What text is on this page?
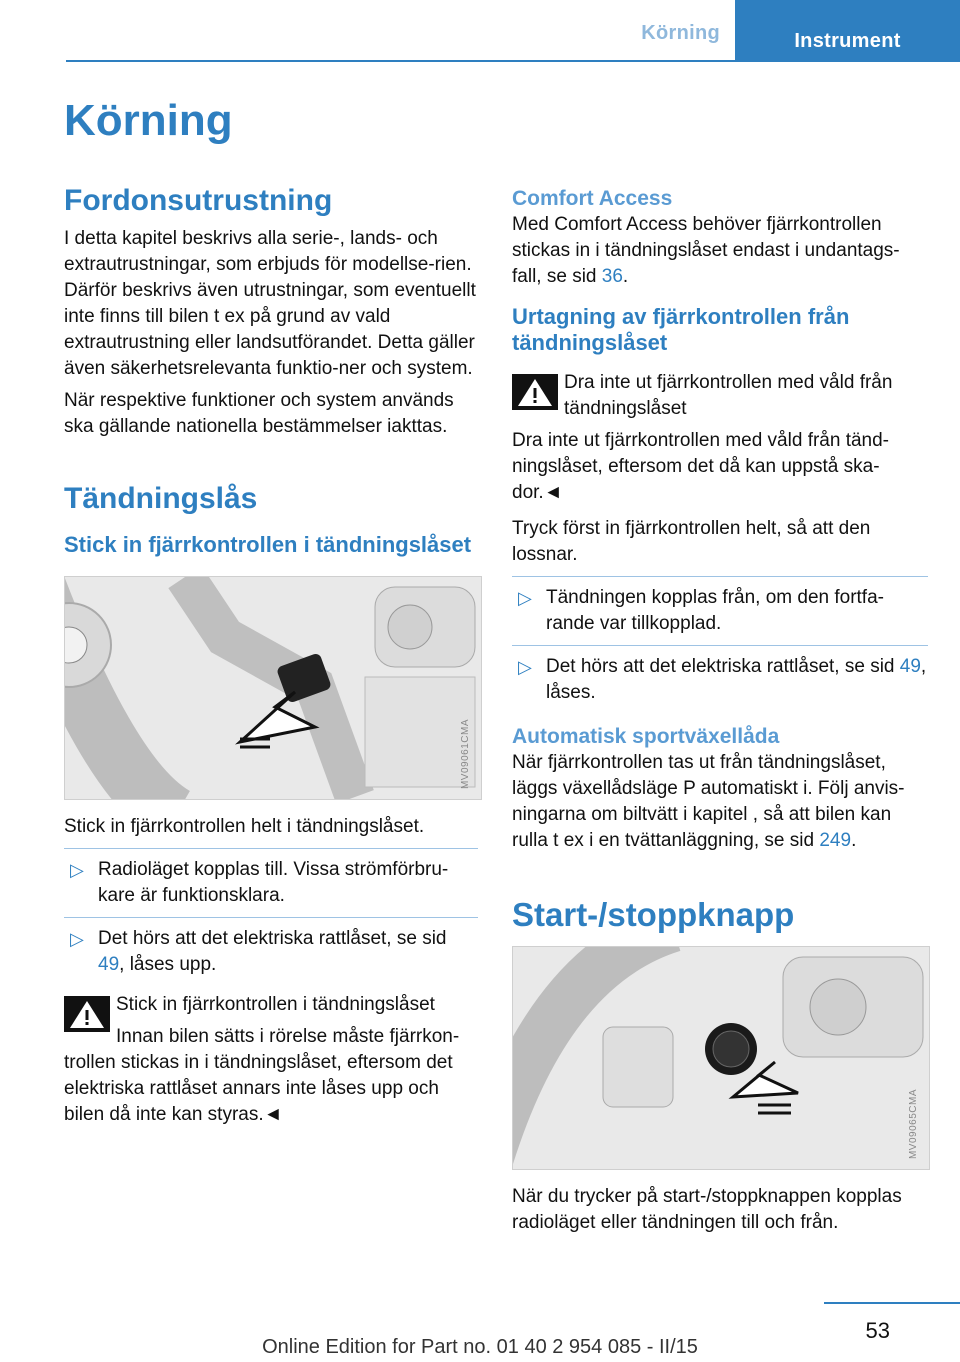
Körning	Instrument
Körning
Fordonsutrustning

I detta kapitel beskrivs alla serie-, lands- och extrautrustningar, som erbjuds för modellse-rien. Därför beskrivs även utrustningar, som eventuellt inte finns till bilen t ex på grund av vald extrautrustning eller landsutförandet. Detta gäller även säkerhetsrelevanta funktio-ner och system.

När respektive funktioner och system används ska gällande nationella bestämmelser iakttas.

Tändningslås
Stick in fjärrkontrollen i tändningslåset
MV09061CMA

Stick in fjärrkontrollen helt i tändningslåset.

▷ Radioläget kopplas till. Vissa strömförbru-kare är funktionsklara.
▷ Det hörs att det elektriska rattlåset, se sid 49, låses upp.

Stick in fjärrkontrollen i tändningslåset

Innan bilen sätts i rörelse måste fjärrkon-trollen stickas in i tändningslåset, eftersom det elektriska rattlåset annars inte låses upp och bilen då inte kan styras.◄

Comfort Access

Med Comfort Access behöver fjärrkontrollen stickas in i tändningslåset endast i undantags-fall, se sid 36.

Urtagning av fjärrkontrollen från tändningslåset

Dra inte ut fjärrkontrollen med våld från tändningslåset

Dra inte ut fjärrkontrollen med våld från tänd-ningslåset, eftersom det då kan uppstå ska-dor.◄

Tryck först in fjärrkontrollen helt, så att den lossnar.

▷ Tändningen kopplas från, om den fortfa-rande var tillkopplad.
▷ Det hörs att det elektriska rattlåset, se sid 49, låses.
Automatisk sportväxellåda

När fjärrkontrollen tas ut från tändningslåset, läggs växellådsläge P automatiskt i. Följ anvis-ningarna om biltvätt i kapitel , så att bilen kan rulla t ex i en tvättanläggning, se sid 249.

Start-/stoppknapp
MV09065CMA

När du trycker på start-/stoppknappen kopplas radioläget eller tändningen till och från.

53
Online Edition for Part no. 01 40 2 954 085 - II/15
